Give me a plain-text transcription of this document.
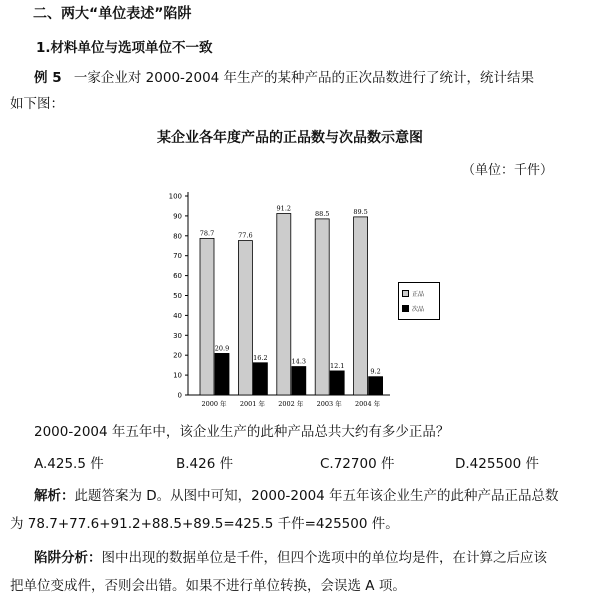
二、两大“单位表述”陷阱
1.材料单位与选项单位不一致
例 5 一家企业对 2000-2004 年生产的某种产品的正次品数进行了统计，统计结果
如下图：
某企业各年度产品的正品数与次品数示意图
（单位：千件）
0
10
20
30
40
50
60
70
80
90
100
78.7
20.9
2000 年
77.6
16.2
2001 年
91.2
14.3
2002 年
88.5
12.1
2003 年
89.5
9.2
2004 年
正品
次品
2000-2004 年五年中，该企业生产的此种产品总共大约有多少正品？
A.425.5 件	B.426 件	C.72700 件	D.425500 件
解析：此题答案为 D。从图中可知，2000-2004 年五年该企业生产的此种产品正品总数
为 78.7+77.6+91.2+88.5+89.5=425.5 千件=425500 件。
陷阱分析：图中出现的数据单位是千件，但四个选项中的单位均是件，在计算之后应该
把单位变成件，否则会出错。如果不进行单位转换，会误选 A 项。
